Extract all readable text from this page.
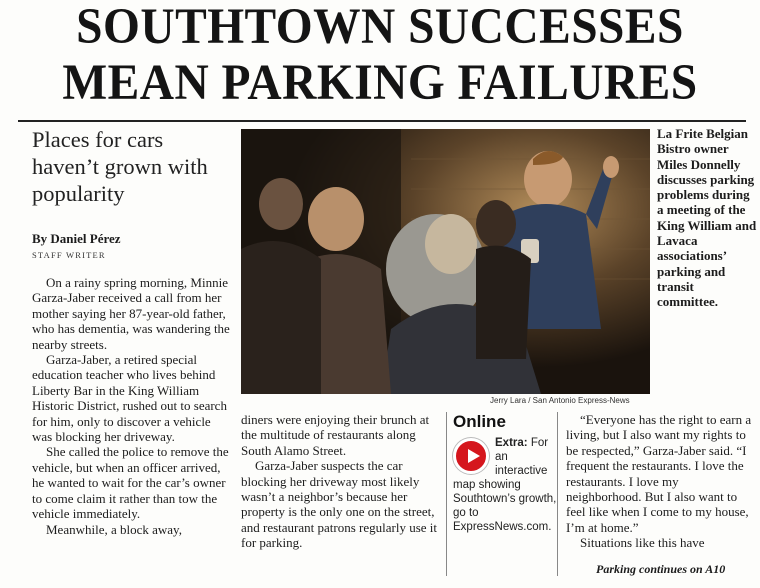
SOUTHTOWN SUCCESSES
MEAN PARKING FAILURES
Places for cars haven’t grown with popularity
By Daniel Pérez
STAFF WRITER

On a rainy spring morning, Minnie Garza-Jaber received a call from her mother saying her 87-year-old father, who has dementia, was wandering the nearby streets.

Garza-Jaber, a retired special education teacher who lives behind Liberty Bar in the King William Historic District, rushed out to search for him, only to discover a vehicle was blocking her driveway.

She called the police to remove the vehicle, but when an officer arrived, he wanted to wait for the car’s owner to come claim it rather than tow the vehicle immediately.

Meanwhile, a block away,

Jerry Lara / San Antonio Express-News
La Frite Belgian Bistro owner Miles Donnelly discusses parking problems during a meeting of the King William and Lavaca associations’ parking and transit committee.

diners were enjoying their brunch at the multitude of restaurants along South Alamo Street.

Garza-Jaber suspects the car blocking her driveway most likely wasn’t a neighbor’s because her property is the only one on the street, and restaurant patrons regularly use it for parking.

Online
Extra: For an interactive map showing Southtown’s growth, go to ExpressNews.com.

“Everyone has the right to earn a living, but I also want my rights to be respected,” Garza-Jaber said. “I frequent the restaurants. I love the restaurants. I love my neighborhood. But I also want to feel like when I come to my house, I’m at home.”

Situations like this have

Parking continues on A10
